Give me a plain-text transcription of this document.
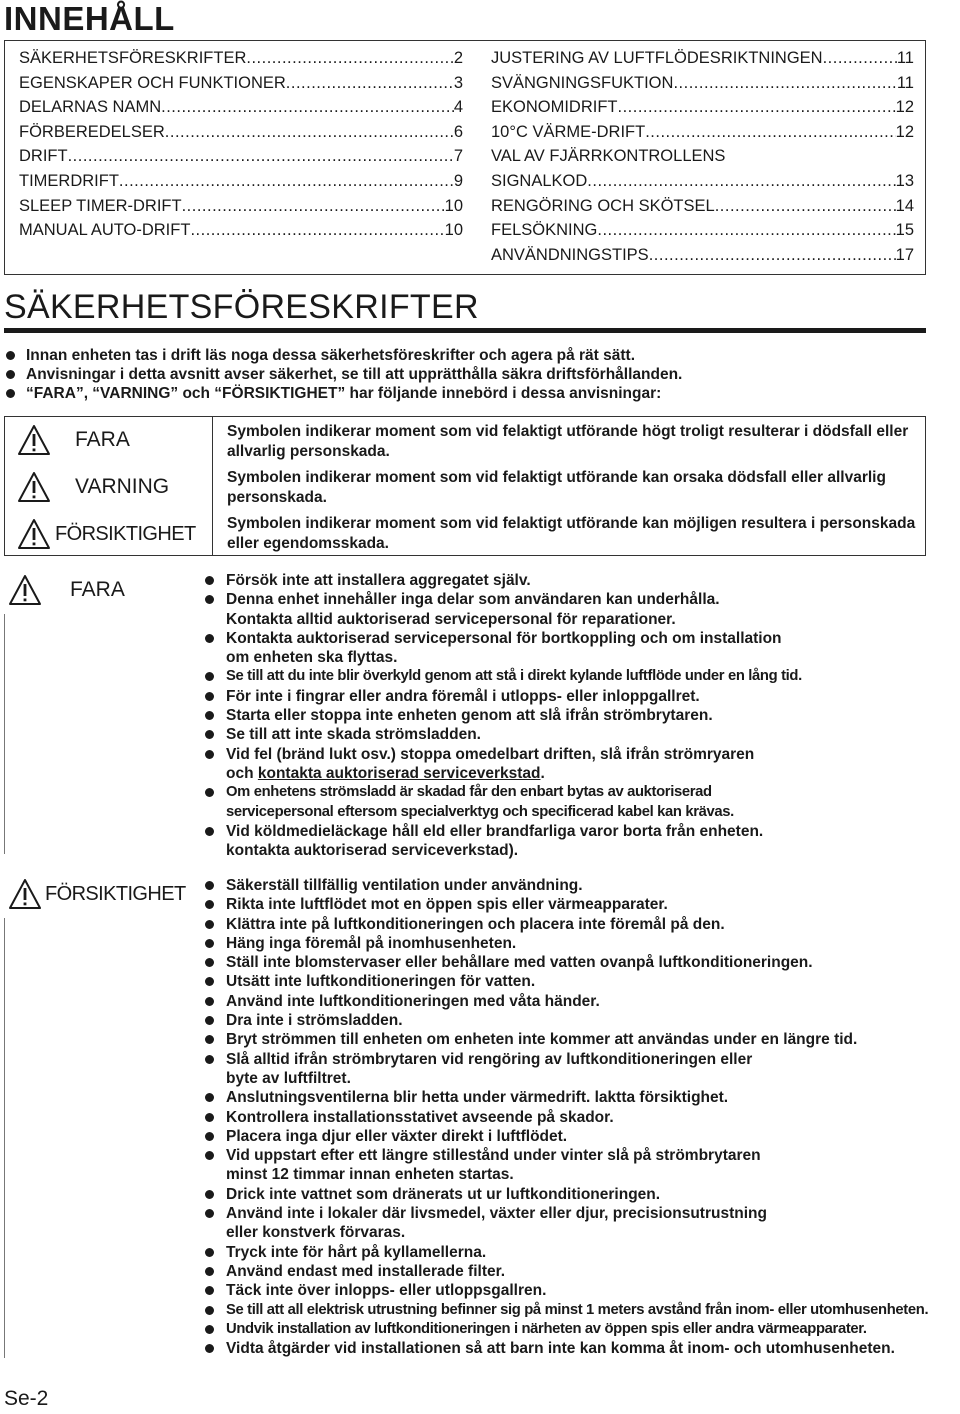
INNEHÅLL
SÄKERHETSFÖRESKRIFTER .....	2
EGENSKAPER OCH FUNKTIONER .....	3
DELARNAS NAMN .....	4
FÖRBEREDELSER .....	6
DRIFT .....	7
TIMERDRIFT .....	9
SLEEP TIMER-DRIFT .....	10
MANUAL AUTO-DRIFT .....	10
JUSTERING AV LUFTFLÖDESRIKTNINGEN .....	11
SVÄNGNINGSFUKTION .....	11
EKONOMIDRIFT .....	12
10°C VÄRME-DRIFT .....	12
VAL AV FJÄRRKONTROLLENS
SIGNALKOD .....	13
RENGÖRING OCH SKÖTSEL .....	14
FELSÖKNING .....	15
ANVÄNDNINGSTIPS .....	17
SÄKERHETSFÖRESKRIFTER
Innan enheten tas i drift läs noga dessa säkerhetsföreskrifter och agera på rät sätt.
Anvisningar i detta avsnitt avser säkerhet, se till att upprätthålla säkra driftsförhållanden.
“FARA”, “VARNING” och “FÖRSIKTIGHET” har följande innebörd i dessa anvisningar:
FARA	Symbolen indikerar moment som vid felaktigt utförande högt troligt resulterar i dödsfall eller allvarlig personskada.
VARNING	Symbolen indikerar moment som vid felaktigt utförande kan orsaka dödsfall eller allvarlig personskada.
FÖRSIKTIGHET Symbolen indikerar moment som vid felaktigt utförande kan möjligen resultera i personskada eller egendomsskada.
FARA	Försök inte att installera aggregatet själv.
Denna enhet innehåller inga delar som användaren kan underhålla.
Kontakta alltid auktoriserad servicepersonal för reparationer.
Kontakta auktoriserad servicepersonal för bortkoppling och om installation
om enheten ska flyttas.
Se till att du inte blir överkyld genom att stå i direkt kylande luftflöde under en lång tid.
För inte i fingrar eller andra föremål i utlopps- eller inloppgallret.
Starta eller stoppa inte enheten genom att slå ifrån strömbrytaren.
Se till att inte skada strömsladden.
Vid fel (bränd lukt osv.) stoppa omedelbart driften, slå ifrån strömryaren
och kontakta auktoriserad serviceverkstad.
Om enhetens strömsladd är skadad får den enbart bytas av auktoriserad
servicepersonal eftersom specialverktyg och specificerad kabel kan krävas.
Vid köldmedieläckage håll eld eller brandfarliga varor borta från enheten.
kontakta auktoriserad serviceverkstad).
FÖRSIKTIGHET	Säkerställ tillfällig ventilation under användning.
Rikta inte luftflödet mot en öppen spis eller värmeapparater.
Klättra inte på luftkonditioneringen och placera inte föremål på den.
Häng inga föremål på inomhusenheten.
Ställ inte blomstervaser eller behållare med vatten ovanpå luftkonditioneringen.
Utsätt inte luftkonditioneringen för vatten.
Använd inte luftkonditioneringen med våta händer.
Dra inte i strömsladden.
Bryt strömmen till enheten om enheten inte kommer att användas under en längre tid.
Slå alltid ifrån strömbrytaren vid rengöring av luftkonditioneringen eller
byte av luftfiltret.
Anslutningsventilerna blir hetta under värmedrift. laktta försiktighet.
Kontrollera installationsstativet avseende på skador.
Placera inga djur eller växter direkt i luftflödet.
Vid uppstart efter ett längre stillestånd under vinter slå på strömbrytaren
minst 12 timmar innan enheten startas.
Drick inte vattnet som dränerats ut ur luftkonditioneringen.
Använd inte i lokaler där livsmedel, växter eller djur, precisionsutrustning
eller konstverk förvaras.
Tryck inte för hårt på kyllamellerna.
Använd endast med installerade filter.
Täck inte över inlopps- eller utloppsgallren.
Se till att all elektrisk utrustning befinner sig på minst 1 meters avstånd från inom- eller utomhusenheten.
Undvik installation av luftkonditioneringen i närheten av öppen spis eller andra värmeapparater.
Vidta åtgärder vid installationen så att barn inte kan komma åt inom- och utomhusenheten.
Se-2
